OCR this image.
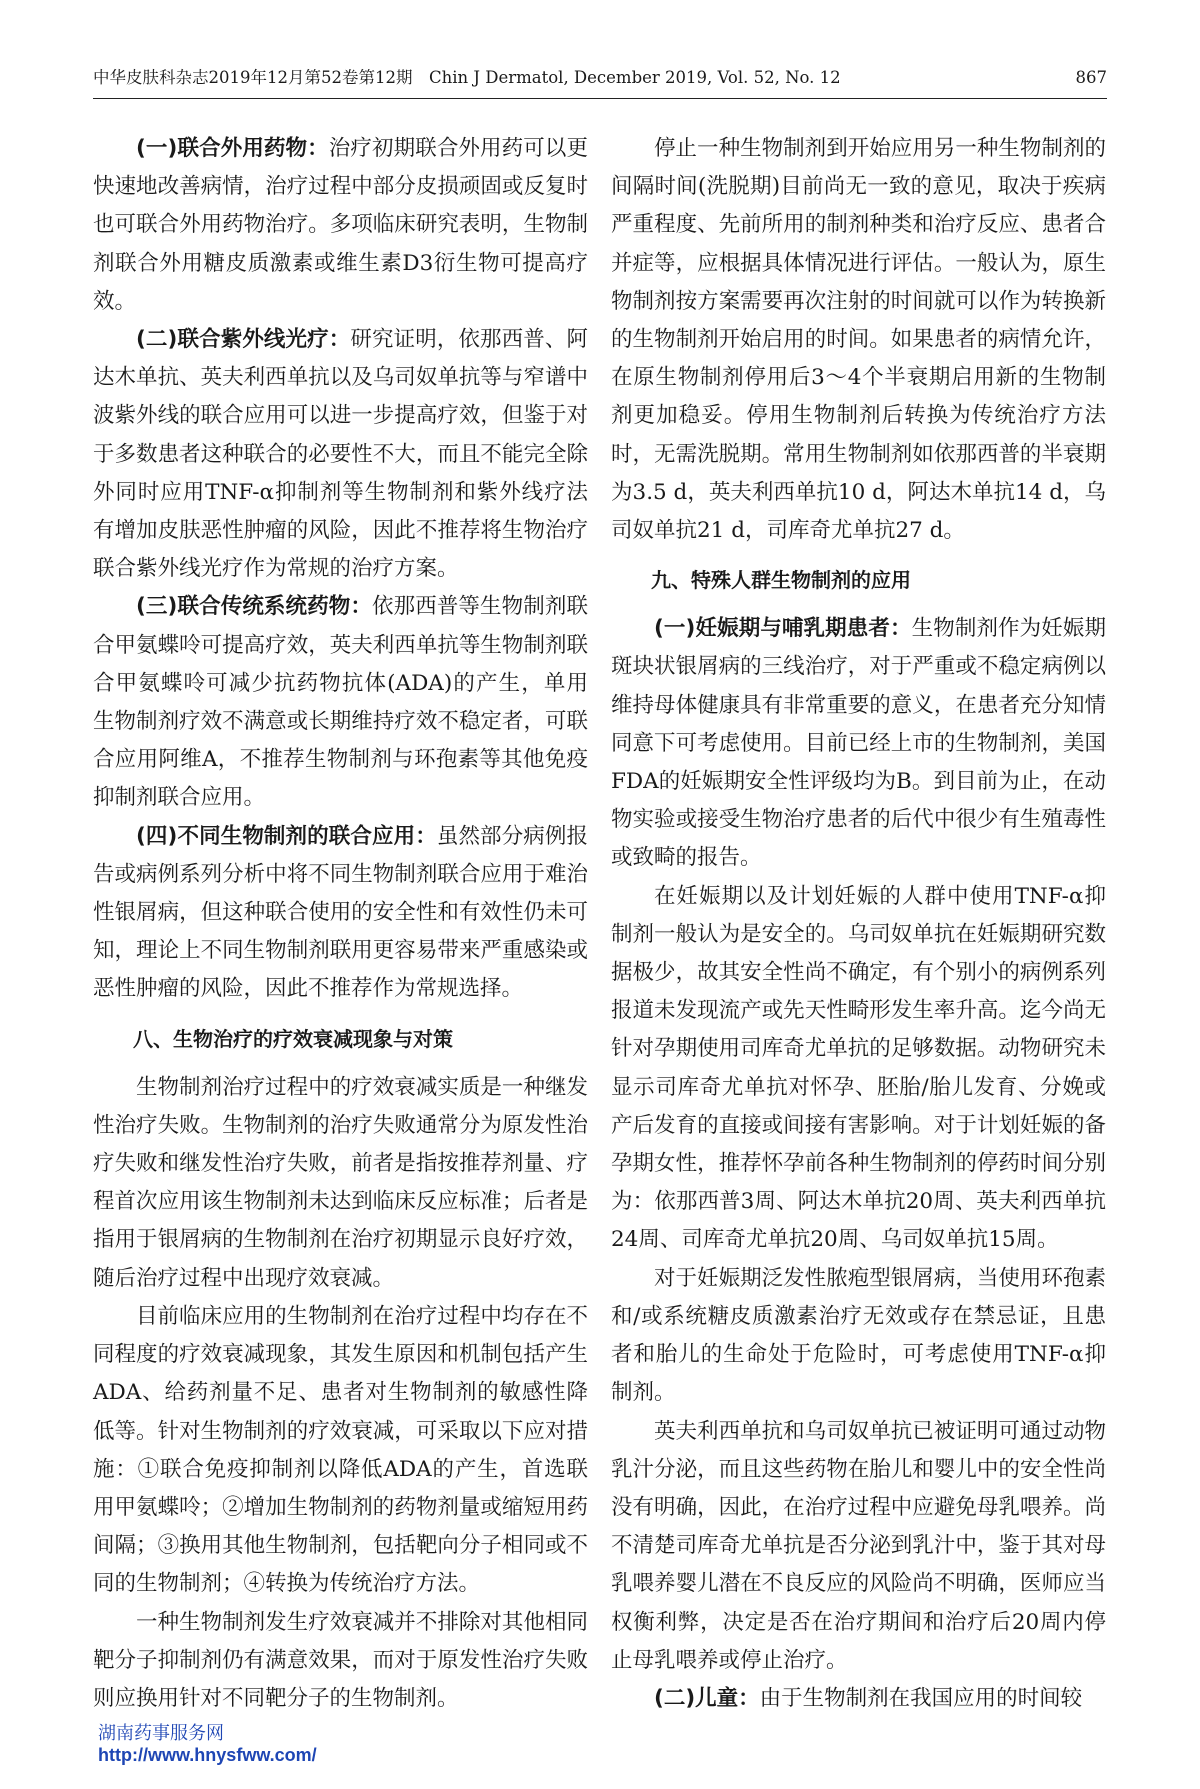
中华皮肤科杂志2019年12月第52卷第12期　Chin J Dermatol, December 2019, Vol. 52, No. 12	867

(一)联合外用药物：治疗初期联合外用药可以更快速地改善病情，治疗过程中部分皮损顽固或反复时也可联合外用药物治疗。多项临床研究表明，生物制剂联合外用糖皮质激素或维生素D3衍生物可提高疗效。

(二)联合紫外线光疗：研究证明，依那西普、阿达木单抗、英夫利西单抗以及乌司奴单抗等与窄谱中波紫外线的联合应用可以进一步提高疗效，但鉴于对于多数患者这种联合的必要性不大，而且不能完全除外同时应用TNF-α抑制剂等生物制剂和紫外线疗法有增加皮肤恶性肿瘤的风险，因此不推荐将生物治疗联合紫外线光疗作为常规的治疗方案。

(三)联合传统系统药物：依那西普等生物制剂联合甲氨蝶呤可提高疗效，英夫利西单抗等生物制剂联合甲氨蝶呤可减少抗药物抗体(ADA)的产生，单用生物制剂疗效不满意或长期维持疗效不稳定者，可联合应用阿维A，不推荐生物制剂与环孢素等其他免疫抑制剂联合应用。

(四)不同生物制剂的联合应用：虽然部分病例报告或病例系列分析中将不同生物制剂联合应用于难治性银屑病，但这种联合使用的安全性和有效性仍未可知，理论上不同生物制剂联用更容易带来严重感染或恶性肿瘤的风险，因此不推荐作为常规选择。

八、生物治疗的疗效衰减现象与对策

生物制剂治疗过程中的疗效衰减实质是一种继发性治疗失败。生物制剂的治疗失败通常分为原发性治疗失败和继发性治疗失败，前者是指按推荐剂量、疗程首次应用该生物制剂未达到临床反应标准；后者是指用于银屑病的生物制剂在治疗初期显示良好疗效，随后治疗过程中出现疗效衰减。

目前临床应用的生物制剂在治疗过程中均存在不同程度的疗效衰减现象，其发生原因和机制包括产生ADA、给药剂量不足、患者对生物制剂的敏感性降低等。针对生物制剂的疗效衰减，可采取以下应对措施：①联合免疫抑制剂以降低ADA的产生，首选联用甲氨蝶呤；②增加生物制剂的药物剂量或缩短用药间隔；③换用其他生物制剂，包括靶向分子相同或不同的生物制剂；④转换为传统治疗方法。

一种生物制剂发生疗效衰减并不排除对其他相同靶分子抑制剂仍有满意效果，而对于原发性治疗失败则应换用针对不同靶分子的生物制剂。

停止一种生物制剂到开始应用另一种生物制剂的间隔时间(洗脱期)目前尚无一致的意见，取决于疾病严重程度、先前所用的制剂种类和治疗反应、患者合并症等，应根据具体情况进行评估。一般认为，原生物制剂按方案需要再次注射的时间就可以作为转换新的生物制剂开始启用的时间。如果患者的病情允许，在原生物制剂停用后3～4个半衰期启用新的生物制剂更加稳妥。停用生物制剂后转换为传统治疗方法时，无需洗脱期。常用生物制剂如依那西普的半衰期为3.5 d，英夫利西单抗10 d，阿达木单抗14 d，乌司奴单抗21 d，司库奇尤单抗27 d。

九、特殊人群生物制剂的应用

(一)妊娠期与哺乳期患者：生物制剂作为妊娠期斑块状银屑病的三线治疗，对于严重或不稳定病例以维持母体健康具有非常重要的意义，在患者充分知情同意下可考虑使用。目前已经上市的生物制剂，美国FDA的妊娠期安全性评级均为B。到目前为止，在动物实验或接受生物治疗患者的后代中很少有生殖毒性或致畸的报告。

在妊娠期以及计划妊娠的人群中使用TNF-α抑制剂一般认为是安全的。乌司奴单抗在妊娠期研究数据极少，故其安全性尚不确定，有个别小的病例系列报道未发现流产或先天性畸形发生率升高。迄今尚无针对孕期使用司库奇尤单抗的足够数据。动物研究未显示司库奇尤单抗对怀孕、胚胎/胎儿发育、分娩或产后发育的直接或间接有害影响。对于计划妊娠的备孕期女性，推荐怀孕前各种生物制剂的停药时间分别为：依那西普3周、阿达木单抗20周、英夫利西单抗24周、司库奇尤单抗20周、乌司奴单抗15周。

对于妊娠期泛发性脓疱型银屑病，当使用环孢素和/或系统糖皮质激素治疗无效或存在禁忌证，且患者和胎儿的生命处于危险时，可考虑使用TNF-α抑制剂。

英夫利西单抗和乌司奴单抗已被证明可通过动物乳汁分泌，而且这些药物在胎儿和婴儿中的安全性尚没有明确，因此，在治疗过程中应避免母乳喂养。尚不清楚司库奇尤单抗是否分泌到乳汁中，鉴于其对母乳喂养婴儿潜在不良反应的风险尚不明确，医师应当权衡利弊，决定是否在治疗期间和治疗后20周内停止母乳喂养或停止治疗。

(二)儿童：由于生物制剂在我国应用的时间较

湖南药事服务网
http://www.hnysfww.com/
